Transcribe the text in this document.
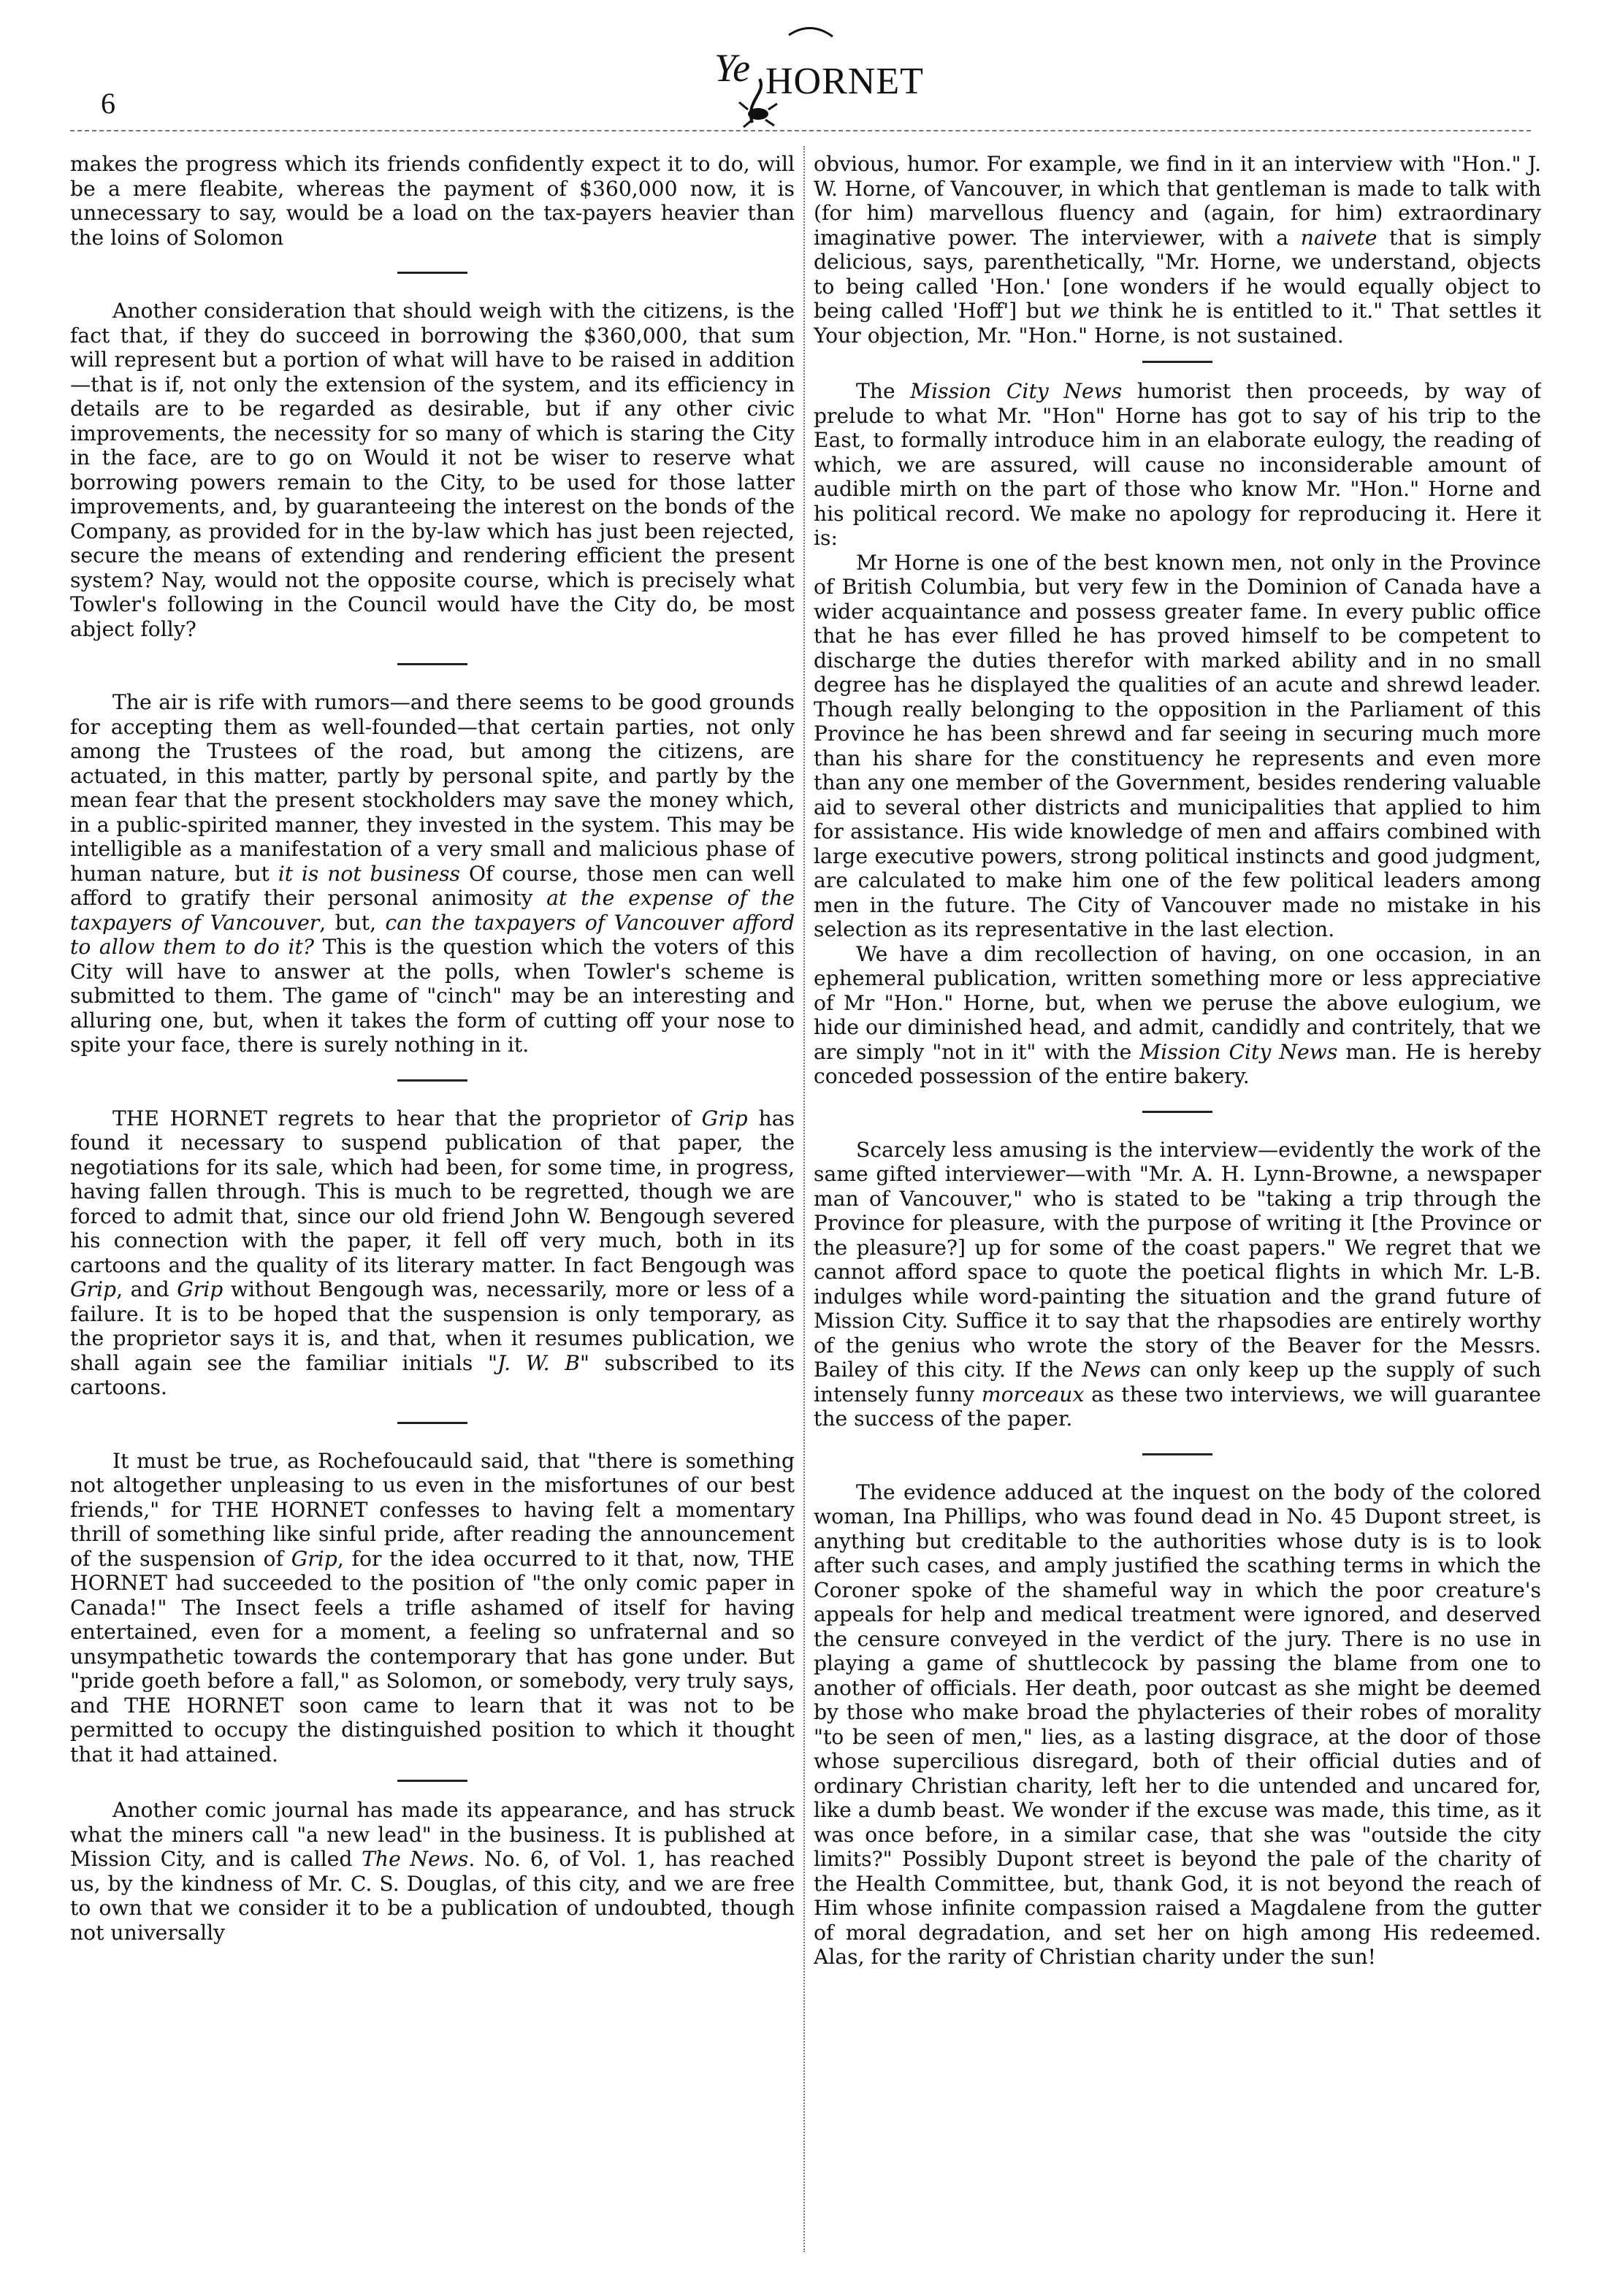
6
Ye HORNET

makes the progress which its friends confidently expect it to do, will be a mere fleabite, whereas the payment of $360,000 now, it is unnecessary to say, would be a load on the tax-payers heavier than the loins of Solomon

Another consideration that should weigh with the citizens, is the fact that, if they do succeed in borrowing the $360,000, that sum will represent but a portion of what will have to be raised in addition—that is if, not only the extension of the system, and its efficiency in details are to be regarded as desirable, but if any other civic improvements, the necessity for so many of which is staring the City in the face, are to go on Would it not be wiser to reserve what borrowing powers remain to the City, to be used for those latter improvements, and, by guaranteeing the interest on the bonds of the Company, as provided for in the by-law which has just been rejected, secure the means of extending and rendering efficient the present system? Nay, would not the opposite course, which is precisely what Towler's following in the Council would have the City do, be most abject folly?

The air is rife with rumors—and there seems to be good grounds for accepting them as well-founded—that certain parties, not only among the Trustees of the road, but among the citizens, are actuated, in this matter, partly by personal spite, and partly by the mean fear that the present stockholders may save the money which, in a public-spirited manner, they invested in the system. This may be intelligible as a manifestation of a very small and malicious phase of human nature, but it is not business Of course, those men can well afford to gratify their personal animosity at the expense of the taxpayers of Vancouver, but, can the taxpayers of Vancouver afford to allow them to do it? This is the question which the voters of this City will have to answer at the polls, when Towler's scheme is submitted to them. The game of "cinch" may be an interesting and alluring one, but, when it takes the form of cutting off your nose to spite your face, there is surely nothing in it.

THE HORNET regrets to hear that the proprietor of Grip has found it necessary to suspend publication of that paper, the negotiations for its sale, which had been, for some time, in progress, having fallen through. This is much to be regretted, though we are forced to admit that, since our old friend John W. Bengough severed his connection with the paper, it fell off very much, both in its cartoons and the quality of its literary matter. In fact Bengough was Grip, and Grip without Bengough was, necessarily, more or less of a failure. It is to be hoped that the suspension is only temporary, as the proprietor says it is, and that, when it resumes publication, we shall again see the familiar initials "J. W. B" subscribed to its cartoons.

It must be true, as Rochefoucauld said, that "there is something not altogether unpleasing to us even in the misfortunes of our best friends," for THE HORNET confesses to having felt a momentary thrill of something like sinful pride, after reading the announcement of the suspension of Grip, for the idea occurred to it that, now, THE HORNET had succeeded to the position of "the only comic paper in Canada!" The Insect feels a trifle ashamed of itself for having entertained, even for a moment, a feeling so unfraternal and so unsympathetic towards the contemporary that has gone under. But "pride goeth before a fall," as Solomon, or somebody, very truly says, and THE HORNET soon came to learn that it was not to be permitted to occupy the distinguished position to which it thought that it had attained.

Another comic journal has made its appearance, and has struck what the miners call "a new lead" in the business. It is published at Mission City, and is called The News. No. 6, of Vol. 1, has reached us, by the kindness of Mr. C. S. Douglas, of this city, and we are free to own that we consider it to be a publication of undoubted, though not universally

obvious, humor. For example, we find in it an interview with "Hon." J. W. Horne, of Vancouver, in which that gentleman is made to talk with (for him) marvellous fluency and (again, for him) extraordinary imaginative power. The interviewer, with a naivete that is simply delicious, says, parenthetically, "Mr. Horne, we understand, objects to being called 'Hon.' [one wonders if he would equally object to being called 'Hoff'] but we think he is entitled to it." That settles it Your objection, Mr. "Hon." Horne, is not sustained.

The Mission City News humorist then proceeds, by way of prelude to what Mr. "Hon" Horne has got to say of his trip to the East, to formally introduce him in an elaborate eulogy, the reading of which, we are assured, will cause no inconsiderable amount of audible mirth on the part of those who know Mr. "Hon." Horne and his political record. We make no apology for reproducing it. Here it is:

Mr Horne is one of the best known men, not only in the Province of British Columbia, but very few in the Dominion of Canada have a wider acquaintance and possess greater fame. In every public office that he has ever filled he has proved himself to be competent to discharge the duties therefor with marked ability and in no small degree has he displayed the qualities of an acute and shrewd leader. Though really belonging to the opposition in the Parliament of this Province he has been shrewd and far seeing in securing much more than his share for the constituency he represents and even more than any one member of the Government, besides rendering valuable aid to several other districts and municipalities that applied to him for assistance. His wide knowledge of men and affairs combined with large executive powers, strong political instincts and good judgment, are calculated to make him one of the few political leaders among men in the future. The City of Vancouver made no mistake in his selection as its representative in the last election.

We have a dim recollection of having, on one occasion, in an ephemeral publication, written something more or less appreciative of Mr "Hon." Horne, but, when we peruse the above eulogium, we hide our diminished head, and admit, candidly and contritely, that we are simply "not in it" with the Mission City News man. He is hereby conceded possession of the entire bakery.

Scarcely less amusing is the interview—evidently the work of the same gifted interviewer—with "Mr. A. H. Lynn-Browne, a newspaper man of Vancouver," who is stated to be "taking a trip through the Province for pleasure, with the purpose of writing it [the Province or the pleasure?] up for some of the coast papers." We regret that we cannot afford space to quote the poetical flights in which Mr. L-B. indulges while word-painting the situation and the grand future of Mission City. Suffice it to say that the rhapsodies are entirely worthy of the genius who wrote the story of the Beaver for the Messrs. Bailey of this city. If the News can only keep up the supply of such intensely funny morceaux as these two interviews, we will guarantee the success of the paper.

The evidence adduced at the inquest on the body of the colored woman, Ina Phillips, who was found dead in No. 45 Dupont street, is anything but creditable to the authorities whose duty is is to look after such cases, and amply justified the scathing terms in which the Coroner spoke of the shameful way in which the poor creature's appeals for help and medical treatment were ignored, and deserved the censure conveyed in the verdict of the jury. There is no use in playing a game of shuttlecock by passing the blame from one to another of officials. Her death, poor outcast as she might be deemed by those who make broad the phylacteries of their robes of morality "to be seen of men," lies, as a lasting disgrace, at the door of those whose supercilious disregard, both of their official duties and of ordinary Christian charity, left her to die untended and uncared for, like a dumb beast. We wonder if the excuse was made, this time, as it was once before, in a similar case, that she was "outside the city limits?" Possibly Dupont street is beyond the pale of the charity of the Health Committee, but, thank God, it is not beyond the reach of Him whose infinite compassion raised a Magdalene from the gutter of moral degradation, and set her on high among His redeemed. Alas, for the rarity of Christian charity under the sun!
